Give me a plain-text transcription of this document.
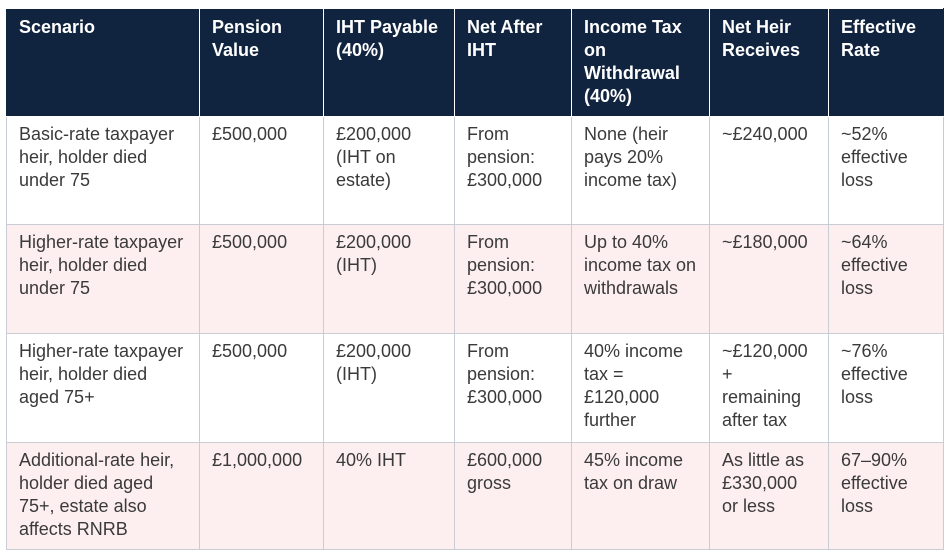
Scenario	Pension Value	IHT Payable (40%)	Net After IHT	Income Tax on Withdrawal (40%)	Net Heir Receives	Effective Rate
Basic-rate taxpayer heir, holder died under 75	£500,000	£200,000 (IHT on estate)	From pension: £300,000	None (heir pays 20% income tax)	~£240,000	~52% effective loss
Higher-rate taxpayer heir, holder died under 75	£500,000	£200,000 (IHT)	From pension: £300,000	Up to 40% income tax on withdrawals	~£180,000	~64% effective loss
Higher-rate taxpayer heir, holder died aged 75+	£500,000	£200,000 (IHT)	From pension: £300,000	40% income tax = £120,000 further	~£120,000 + remaining after tax	~76% effective loss
Additional-rate heir, holder died aged 75+, estate also affects RNRB	£1,000,000	40% IHT	£600,000 gross	45% income tax on draw	As little as £330,000 or less	67–90% effective loss
